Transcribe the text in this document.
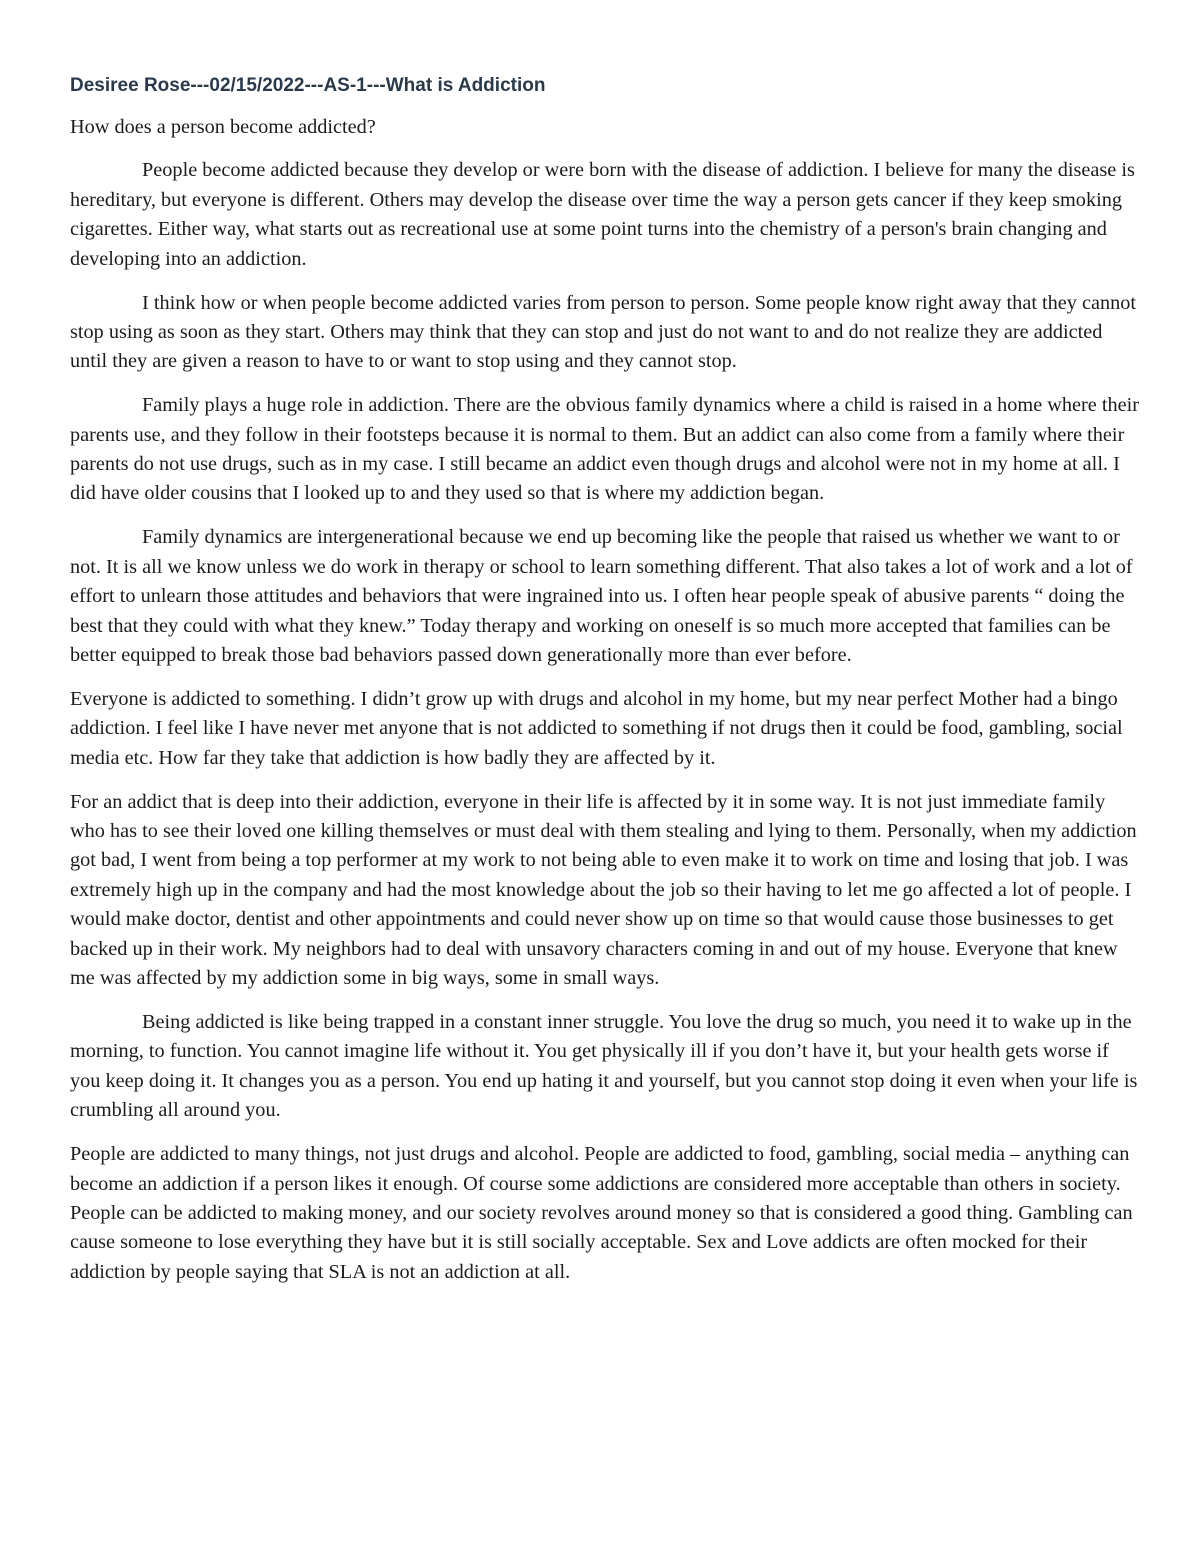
Desiree Rose---02/15/2022---AS-1---What is Addiction

How does a person become addicted?

People become addicted because they develop or were born with the disease of addiction. I believe for many the disease is hereditary, but everyone is different. Others may develop the disease over time the way a person gets cancer if they keep smoking cigarettes. Either way, what starts out as recreational use at some point turns into the chemistry of a person's brain changing and developing into an addiction.

I think how or when people become addicted varies from person to person. Some people know right away that they cannot stop using as soon as they start. Others may think that they can stop and just do not want to and do not realize they are addicted until they are given a reason to have to or want to stop using and they cannot stop.

Family plays a huge role in addiction. There are the obvious family dynamics where a child is raised in a home where their parents use, and they follow in their footsteps because it is normal to them. But an addict can also come from a family where their parents do not use drugs, such as in my case. I still became an addict even though drugs and alcohol were not in my home at all. I did have older cousins that I looked up to and they used so that is where my addiction began.

Family dynamics are intergenerational because we end up becoming like the people that raised us whether we want to or not. It is all we know unless we do work in therapy or school to learn something different. That also takes a lot of work and a lot of effort to unlearn those attitudes and behaviors that were ingrained into us. I often hear people speak of abusive parents “ doing the best that they could with what they knew.” Today therapy and working on oneself is so much more accepted that families can be better equipped to break those bad behaviors passed down generationally more than ever before.

Everyone is addicted to something. I didn’t grow up with drugs and alcohol in my home, but my near perfect Mother had a bingo addiction. I feel like I have never met anyone that is not addicted to something if not drugs then it could be food, gambling, social media etc. How far they take that addiction is how badly they are affected by it.

For an addict that is deep into their addiction, everyone in their life is affected by it in some way. It is not just immediate family who has to see their loved one killing themselves or must deal with them stealing and lying to them. Personally, when my addiction got bad, I went from being a top performer at my work to not being able to even make it to work on time and losing that job. I was extremely high up in the company and had the most knowledge about the job so their having to let me go affected a lot of people. I would make doctor, dentist and other appointments and could never show up on time so that would cause those businesses to get backed up in their work. My neighbors had to deal with unsavory characters coming in and out of my house. Everyone that knew me was affected by my addiction some in big ways, some in small ways.

Being addicted is like being trapped in a constant inner struggle. You love the drug so much, you need it to wake up in the morning, to function. You cannot imagine life without it. You get physically ill if you don’t have it, but your health gets worse if you keep doing it. It changes you as a person. You end up hating it and yourself, but you cannot stop doing it even when your life is crumbling all around you.

People are addicted to many things, not just drugs and alcohol. People are addicted to food, gambling, social media – anything can become an addiction if a person likes it enough. Of course some addictions are considered more acceptable than others in society. People can be addicted to making money, and our society revolves around money so that is considered a good thing. Gambling can cause someone to lose everything they have but it is still socially acceptable. Sex and Love addicts are often mocked for their addiction by people saying that SLA is not an addiction at all.
